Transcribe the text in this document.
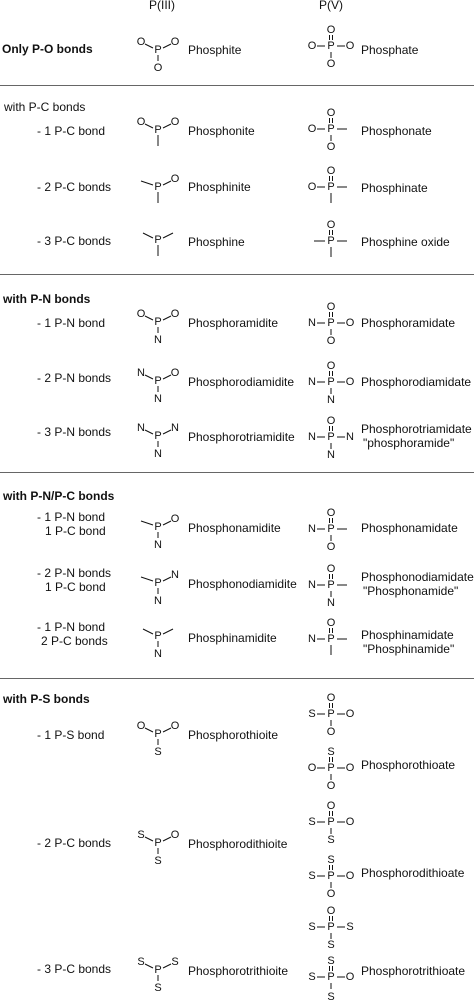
P(III)	P(V)
Only P-O bonds
with P-C bonds
with P-N bonds
with P-N/P-C bonds
with P-S bonds
- 1 P-C bond
- 2 P-C bonds
- 3 P-C bonds
- 1 P-N bond
- 2 P-N bonds
- 3 P-N bonds
- 1 P-N bond
1 P-C bond
- 2 P-N bonds
1 P-C bond
- 1 P-N bond
2 P-C bonds
- 1 P-S bond
- 2 P-C bonds
- 3 P-C bonds
Phosphite
Phosphonite
Phosphinite
Phosphine
Phosphoramidite
Phosphorodiamidite
Phosphorotriamidite
Phosphonamidite
Phosphonodiamidite
Phosphinamidite
Phosphorothioite
Phosphorodithioite
Phosphorotrithioite
Phosphate
Phosphonate
Phosphinate
Phosphine oxide
Phosphoramidate
Phosphorodiamidate
Phosphorotriamidate
"phosphoramide"
Phosphonamidate
Phosphonodiamidate
"Phosphonamide"
Phosphinamidate
"Phosphinamide"
Phosphorothioate
Phosphorodithioate
Phosphorotrithioate
O
P
O
O
O
P
O
P
O
P
O
P
O
N
N
P
O
N
N
P
N
N
P
O
N
P
N
N
P
N
O
P
O
S
S
P
O
S
S
P
S
S
O
O P O
O
O
O P
O
O
O P
O
P
O
N P O
O
O
N P O
N
O
N P N
N
O
N P
O
O
N P
N
O
N P
O
S P O
O
S
O P O
O
O
S P O
S
S
S P O
O
O
S P S
S
S
S P O
S
